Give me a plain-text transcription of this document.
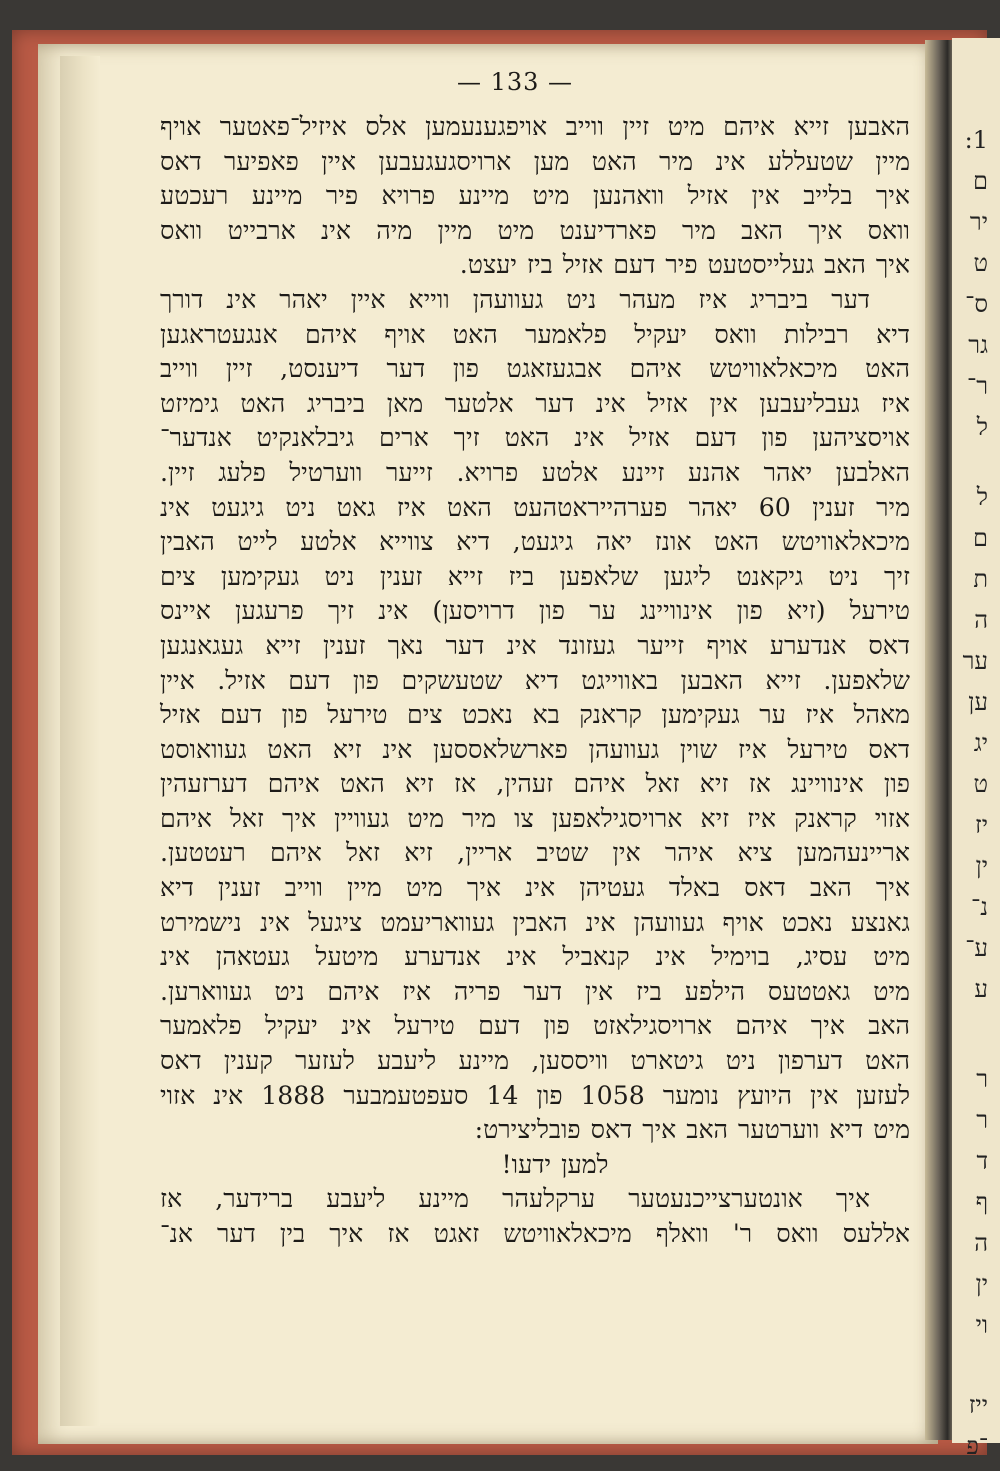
— 133 —
האבען זייא איהם מיט זיין ווייב אויפגענעמען אלס איזיל־פאטער אויף
מיין שטעללע אינ מיר האט מען ארויסגעגעבען איין פאפיער דאס
איך בלייב אין אזיל וואהנען מיט מיינע פרויא פיר מיינע רעכטע
וואס איך האב מיר פארדיענט מיט מיין מיה אינ ארבייט וואס
איך האב געלייסטעט פיר דעם אזיל ביז יעצט.
דער ביבריג איז מעהר ניט געוועהן ווייא איין יאהר אינ דורך
דיא רבילות וואס יעקיל פלאמער האט אויף איהם אנגעטראגען
האט מיכאלאוויטש איהם אבגעזאגט פון דער דיענסט, זיין ווייב
איז געבליעבען אין אזיל אינ דער אלטער מאן ביבריג האט גימיזט
אויסציהען פון דעם אזיל אינ האט זיך ארים גיבלאנקיט אנדער־
האלבען יאהר אהנע זיינע אלטע פרויא. זייער ווערטיל פלעג זיין.
מיר זענין 60 יאהר פערהייראטהעט האט איז גאט ניט גיגעט אינ
מיכאלאוויטש האט אונז יאה גיגעט, דיא צווייא אלטע לייט האבין
זיך ניט גיקאנט ליגען שלאפען ביז זייא זענין ניט געקימען צים
טירעל (זיא פון אינוויינג ער פון דרויסען) אינ זיך פרעגען איינס
דאס אנדערע אויף זייער געזונד אינ דער נאך זענין זייא געגאנגען
שלאפען. זייא האבען באווייגט דיא שטעשקים פון דעם אזיל. איין
מאהל איז ער געקימען קראנק בא נאכט צים טירעל פון דעם אזיל
דאס טירעל איז שוין געוועהן פארשלאססען אינ זיא האט געוואוסט
פון אינוויינג אז זיא זאל איהם זעהין, אז זיא האט איהם דערזעהין
אזוי קראנק איז זיא ארויסגילאפען צו מיר מיט געוויין איך זאל איהם
אריינעהמען ציא איהר אין שטיב אריין, זיא זאל איהם רעטטען.
איך האב דאס באלד געטיהן אינ איך מיט מיין ווייב זענין דיא
גאנצע נאכט אויף געוועהן אינ האבין געוואריעמט ציגעל אינ נישמירט
מיט עסיג, בוימיל אינ קנאביל אינ אנדערע מיטעל געטאהן אינ
מיט גאטטעס הילפע ביז אין דער פריה איז איהם ניט געווארען.
האב איך איהם ארויסגילאזט פון דעם טירעל אינ יעקיל פלאמער
האט דערפון ניט גיטארט וויססען, מיינע ליעבע לעזער קענין דאס
לעזען אין היועץ נומער 1058 פון 14 סעפטעמבער 1888 אינ אזוי
מיט דיא ווערטער האב איך דאס פובליצירט:
למען ידעו!
איך אונטערצייכנעטער ערקלעהר מיינע ליעבע ברידער, אז
אללעס וואס ר' וואלף מיכאלאוויטש זאגט אז איך בין דער אנ־
1:
ם
יר
ט
ס־
גר
ר־
ל
ל
ם
ת
ה
ער
ען
יג
ט
יז
ין
נ־
ע־
ע
ר
ר
ד
ף
ה
ין
וי
ייז
־פ
